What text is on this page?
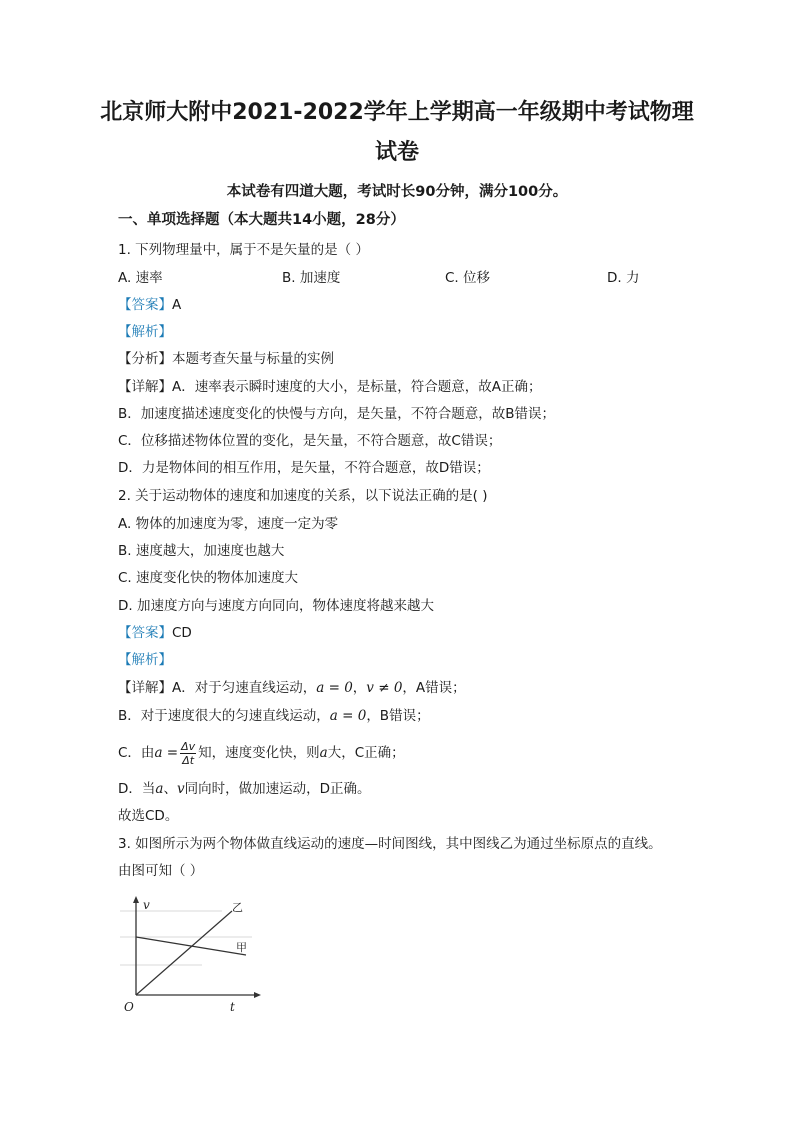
北京师大附中2021-2022学年上学期高一年级期中考试物理
试卷
本试卷有四道大题，考试时长90分钟，满分100分。
一、单项选择题（本大题共14小题，28分）
1. 下列物理量中，属于不是矢量的是（ ）
A. 速率	B. 加速度	C. 位移	D. 力
【答案】A
【解析】
【分析】本题考查矢量与标量的实例
【详解】A．速率表示瞬时速度的大小，是标量，符合题意，故A正确；
B．加速度描述速度变化的快慢与方向，是矢量，不符合题意，故B错误；
C．位移描述物体位置的变化，是矢量，不符合题意，故C错误；
D．力是物体间的相互作用，是矢量，不符合题意，故D错误；
2. 关于运动物体的速度和加速度的关系，以下说法正确的是( )
A. 物体的加速度为零，速度一定为零
B. 速度越大，加速度也越大
C. 速度变化快的物体加速度大
D. 加速度方向与速度方向同向，物体速度将越来越大
【答案】CD
【解析】
【详解】A．对于匀速直线运动，a = 0，v ≠ 0，A错误；
B．对于速度很大的匀速直线运动，a = 0，B错误；
C．由$a = \frac{\Delta v}{\Delta t}$ 知，速度变化快，则a大，C正确；
D．当a、v同向时，做加速运动，D正确。
故选CD。
3. 如图所示为两个物体做直线运动的速度—时间图线，其中图线乙为通过坐标原点的直线。
由图可知（ ）
v
t
O
乙
甲
